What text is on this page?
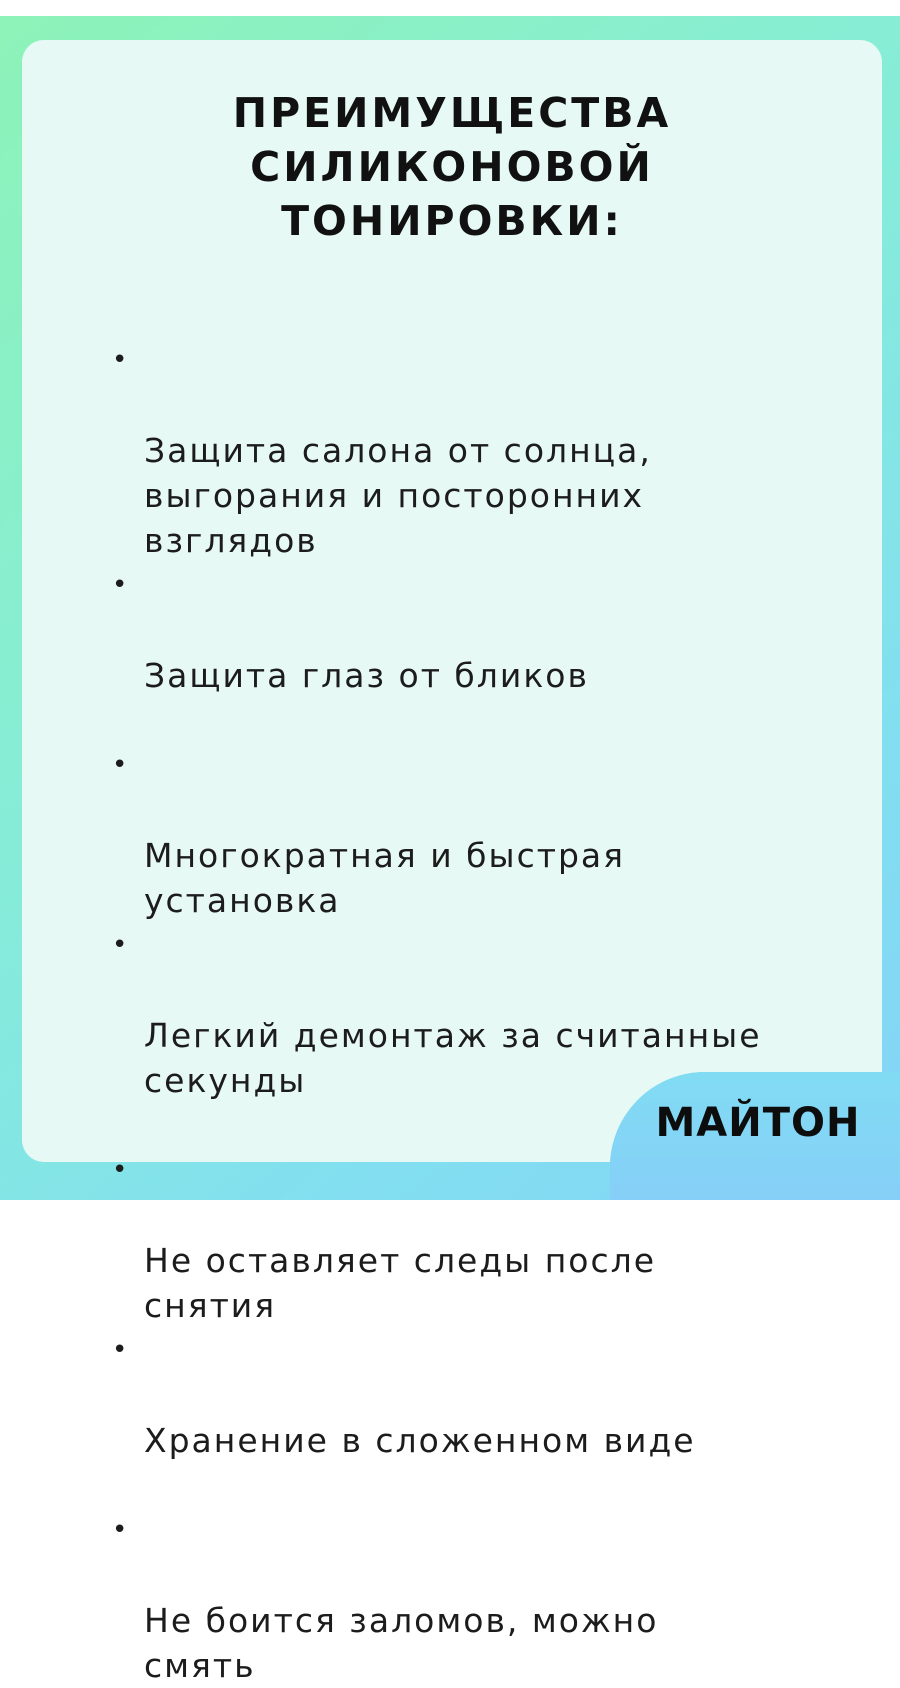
ПРЕИМУЩЕСТВА
СИЛИКОНОВОЙ
ТОНИРОВКИ:

•

Защита салона от солнца,
выгорания и посторонних
взглядов

•

Защита глаз от бликов

•

Многократная и быстрая
установка

•

Легкий демонтаж за считанные
секунды

•

Не оставляет следы после
снятия

•

Хранение в сложенном виде

•

Не боится заломов, можно
смять

МАЙТОН
